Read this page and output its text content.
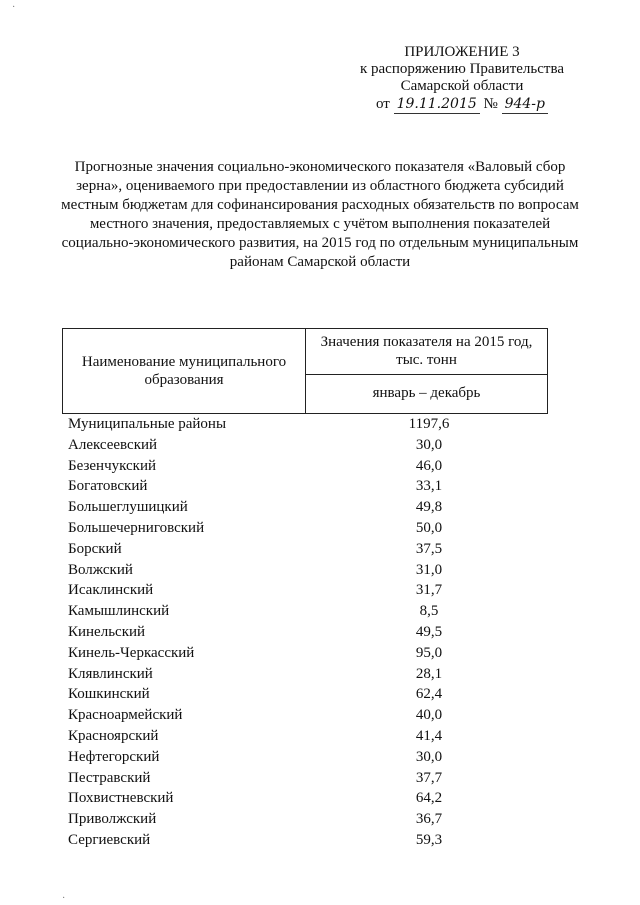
·
·
ПРИЛОЖЕНИЕ 3
к распоряжению Правительства
Самарской области
от 19.11.2015 № 944-р
Прогнозные значения социально-экономического показателя «Валовый сбор зерна», оцениваемого при предоставлении из областного бюджета субсидий местным бюджетам для софинансирования расходных обязательств по вопросам местного значения, предоставляемых с учётом выполнения показателей социально-экономического развития, на 2015 год по отдельным муниципальным районам Самарской области
Наименование муниципального образования	Значения показателя на 2015 год, тыс. тонн
январь – декабрь
Муниципальные районы	1197,6
Алексеевский	30,0
Безенчукский	46,0
Богатовский	33,1
Большеглушицкий	49,8
Большечерниговский	50,0
Борский	37,5
Волжский	31,0
Исаклинский	31,7
Камышлинский	8,5
Кинельский	49,5
Кинель-Черкасский	95,0
Клявлинский	28,1
Кошкинский	62,4
Красноармейский	40,0
Красноярский	41,4
Нефтегорский	30,0
Пестравский	37,7
Похвистневский	64,2
Приволжский	36,7
Сергиевский	59,3
